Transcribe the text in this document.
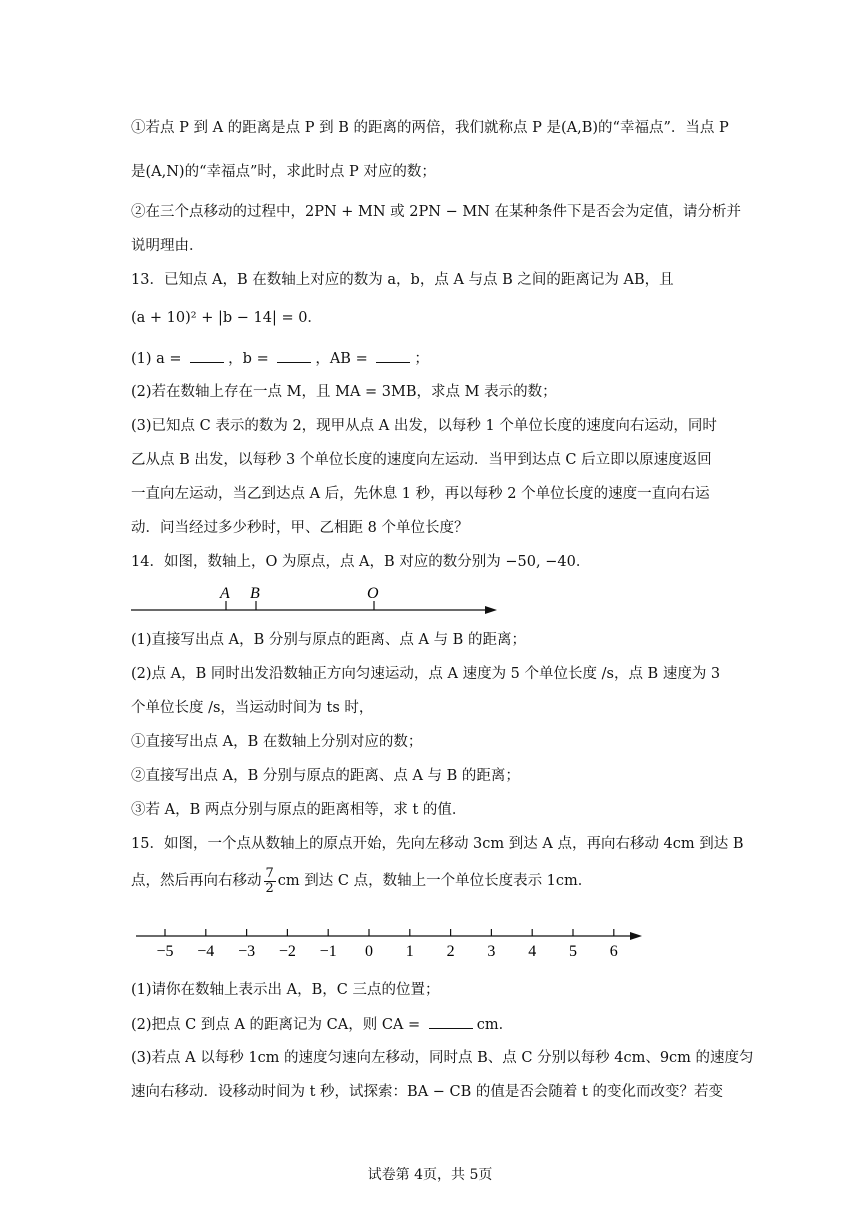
①若点 P 到 A 的距离是点 P 到 B 的距离的两倍，我们就称点 P 是(A,B)的“幸福点”．当点 P
是(A,N)的“幸福点”时，求此时点 P 对应的数；
②在三个点移动的过程中，2PN + MN 或 2PN − MN 在某种条件下是否会为定值，请分析并
说明理由．
13．已知点 A，B 在数轴上对应的数为 a，b，点 A 与点 B 之间的距离记为 AB，且
(a + 10)² + |b − 14| = 0．
(1) a =	，b =	，AB =	；
(2)若在数轴上存在一点 M，且 MA = 3MB，求点 M 表示的数；
(3)已知点 C 表示的数为 2，现甲从点 A 出发，以每秒 1 个单位长度的速度向右运动，同时
乙从点 B 出发，以每秒 3 个单位长度的速度向左运动．当甲到达点 C 后立即以原速度返回
一直向左运动，当乙到达点 A 后，先休息 1 秒，再以每秒 2 个单位长度的速度一直向右运
动．问当经过多少秒时，甲、乙相距 8 个单位长度？
14．如图，数轴上，O 为原点，点 A，B 对应的数分别为 −50, −40．
A B	O
(1)直接写出点 A，B 分别与原点的距离、点 A 与 B 的距离；
(2)点 A，B 同时出发沿数轴正方向匀速运动，点 A 速度为 5 个单位长度 /s，点 B 速度为 3
个单位长度 /s，当运动时间为 ts 时，
①直接写出点 A，B 在数轴上分别对应的数；
②直接写出点 A，B 分别与原点的距离、点 A 与 B 的距离；
③若 A，B 两点分别与原点的距离相等，求 t 的值．
15．如图，一个点从数轴上的原点开始，先向左移动 3cm 到达 A 点，再向右移动 4cm 到达 B
点，然后再向右移动 $\frac{7}{2}$ cm 到达 C 点，数轴上一个单位长度表示 1cm．
−5 −4 −3 −2 −1 0 1 2 3 4 5 6
(1)请你在数轴上表示出 A，B，C 三点的位置；
(2)把点 C 到点 A 的距离记为 CA，则 CA =	cm．
(3)若点 A 以每秒 1cm 的速度匀速向左移动，同时点 B、点 C 分别以每秒 4cm、9cm 的速度匀
速向右移动．设移动时间为 t 秒，试探索：BA − CB 的值是否会随着 t 的变化而改变？若变
试卷第 4页，共 5页
